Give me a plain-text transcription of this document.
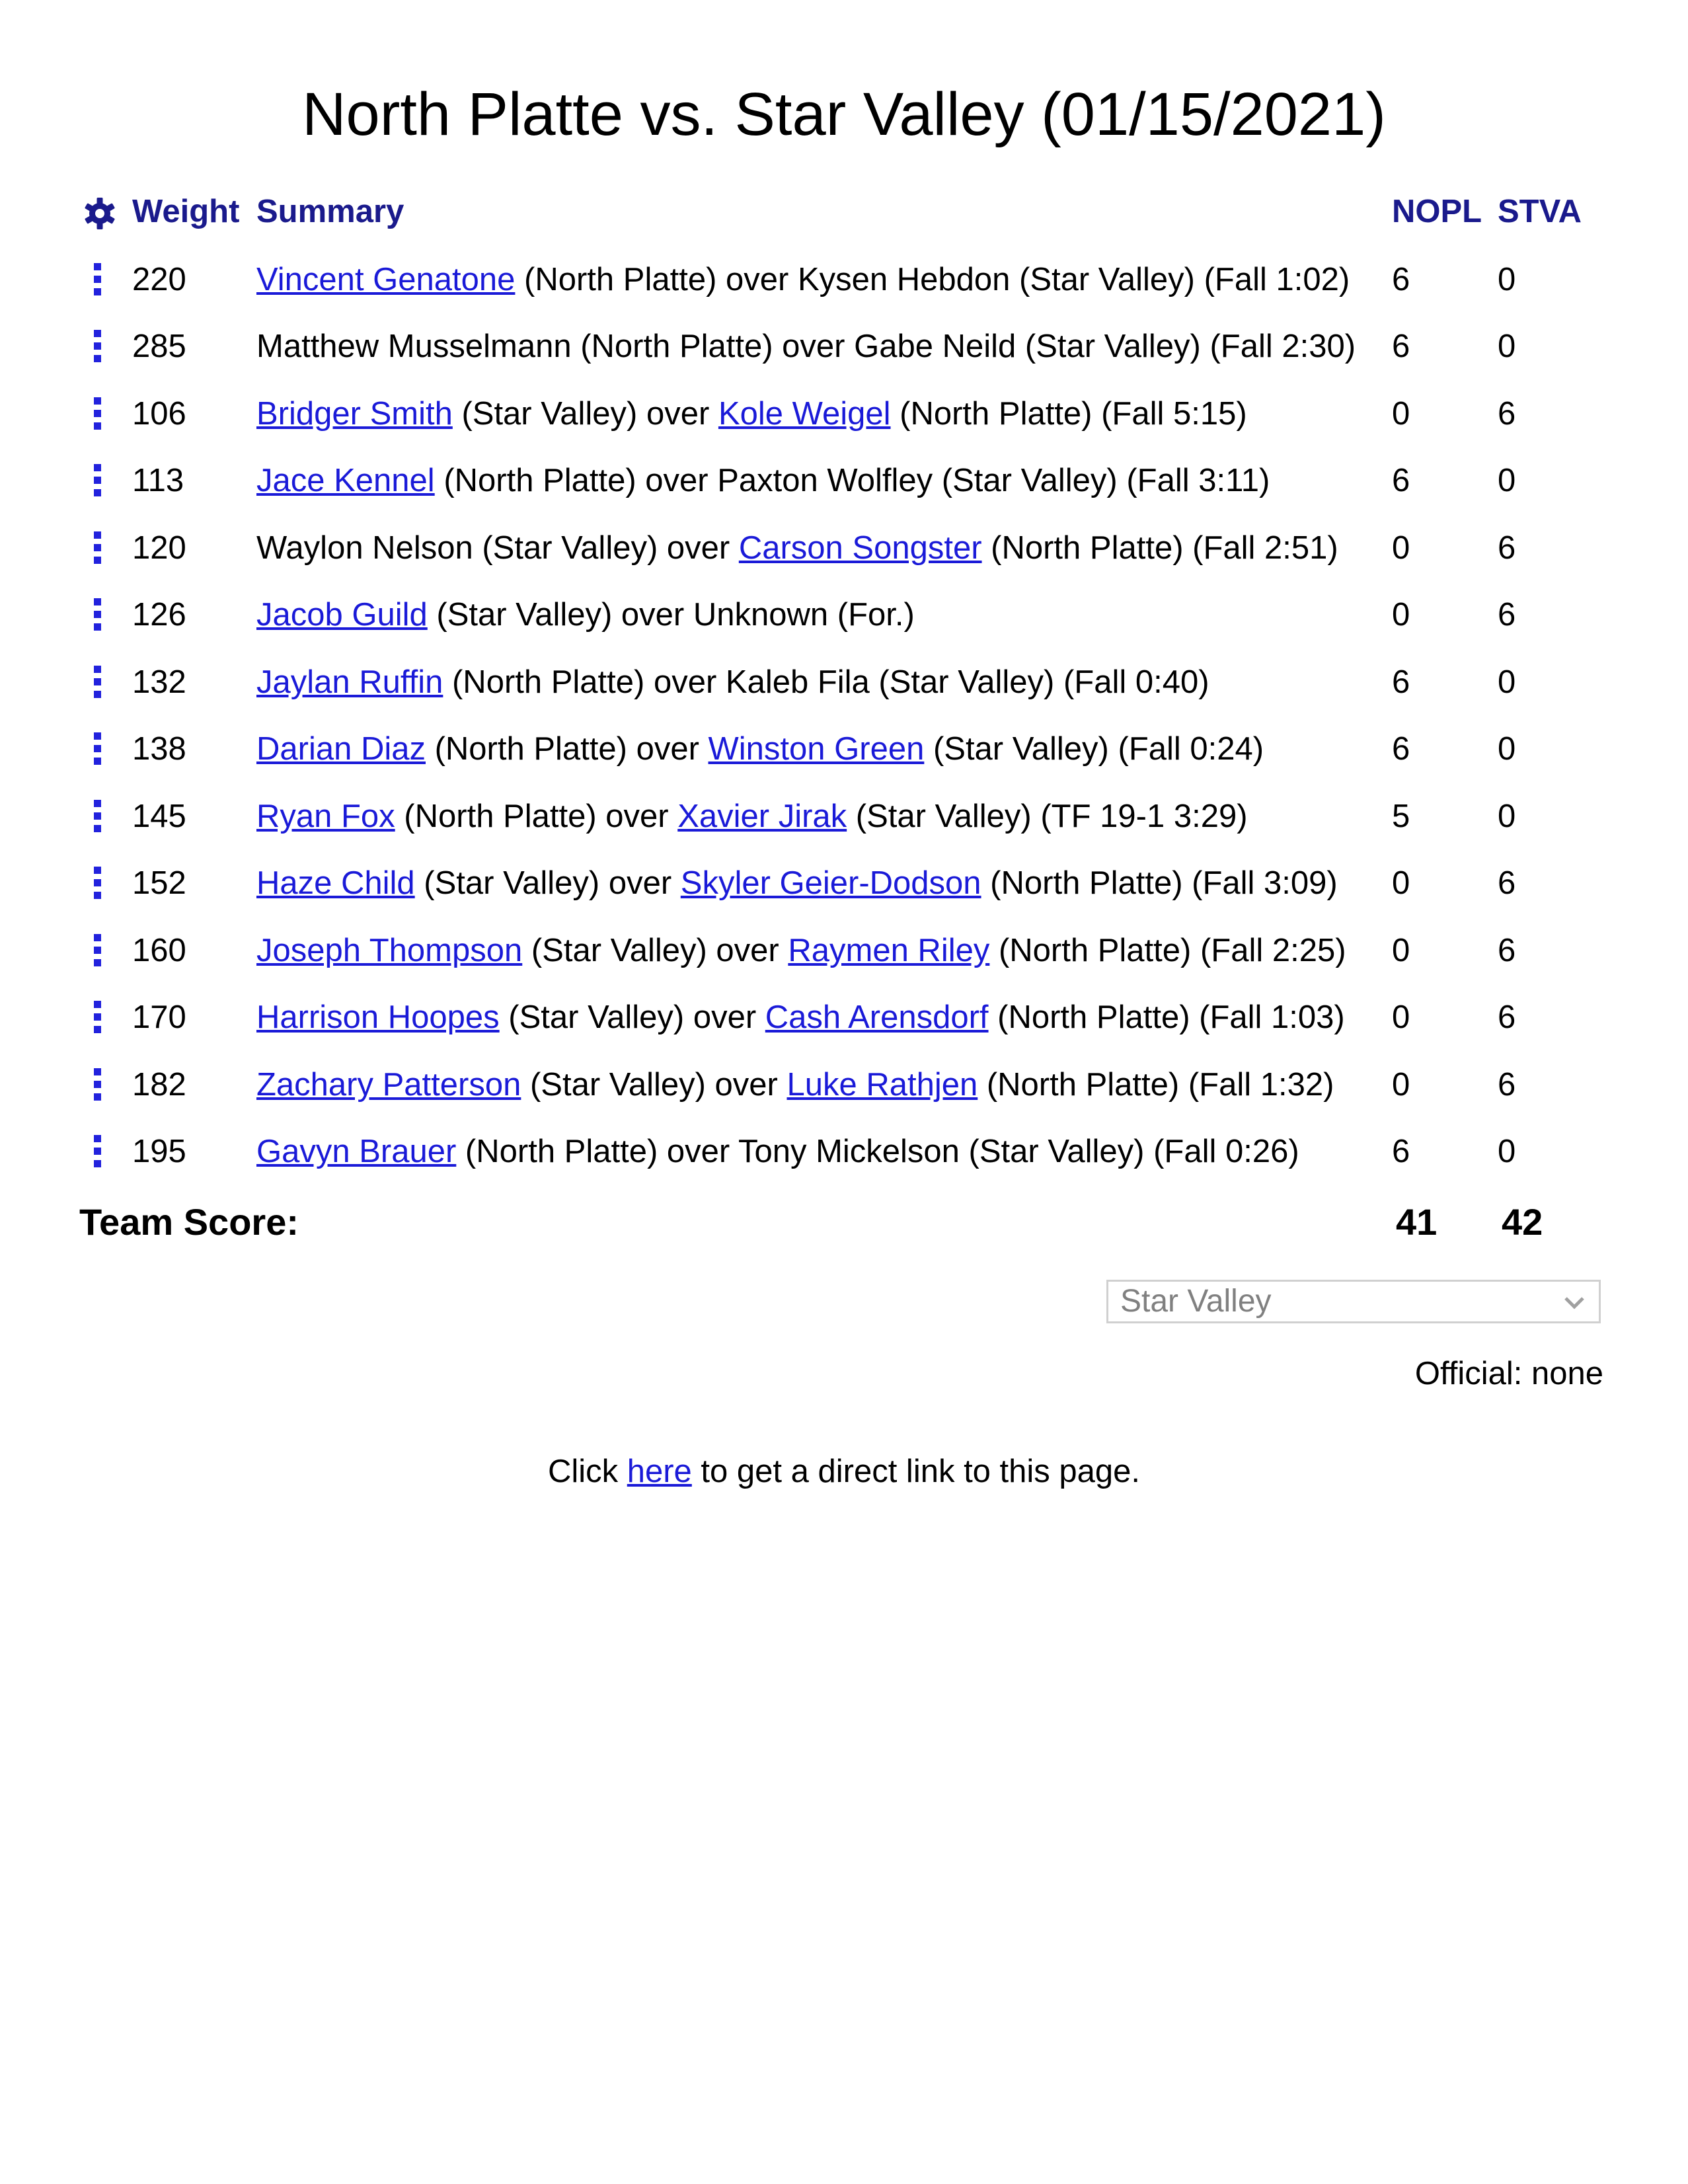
North Platte vs. Star Valley (01/15/2021)
	Weight	Summary	NOPL	STVA

	220	Vincent Genatone (North Platte) over Kysen Hebdon (Star Valley) (Fall 1:02)	6	0

	285	Matthew Musselmann (North Platte) over Gabe Neild (Star Valley) (Fall 2:30)	6	0

	106	Bridger Smith (Star Valley) over Kole Weigel (North Platte) (Fall 5:15)	0	6

	113	Jace Kennel (North Platte) over Paxton Wolfley (Star Valley) (Fall 3:11)	6	0

	120	Waylon Nelson (Star Valley) over Carson Songster (North Platte) (Fall 2:51)	0	6

	126	Jacob Guild (Star Valley) over Unknown (For.)	0	6

	132	Jaylan Ruffin (North Platte) over Kaleb Fila (Star Valley) (Fall 0:40)	6	0

	138	Darian Diaz (North Platte) over Winston Green (Star Valley) (Fall 0:24)	6	0

	145	Ryan Fox (North Platte) over Xavier Jirak (Star Valley) (TF 19-1 3:29)	5	0

	152	Haze Child (Star Valley) over Skyler Geier-Dodson (North Platte) (Fall 3:09)	0	6

	160	Joseph Thompson (Star Valley) over Raymen Riley (North Platte) (Fall 2:25)	0	6

	170	Harrison Hoopes (Star Valley) over Cash Arensdorf (North Platte) (Fall 1:03)	0	6

	182	Zachary Patterson (Star Valley) over Luke Rathjen (North Platte) (Fall 1:32)	0	6

	195	Gavyn Brauer (North Platte) over Tony Mickelson (Star Valley) (Fall 0:26)	6	0
Team Score:			41	42
Star Valley
Official: none
Click here to get a direct link to this page.
